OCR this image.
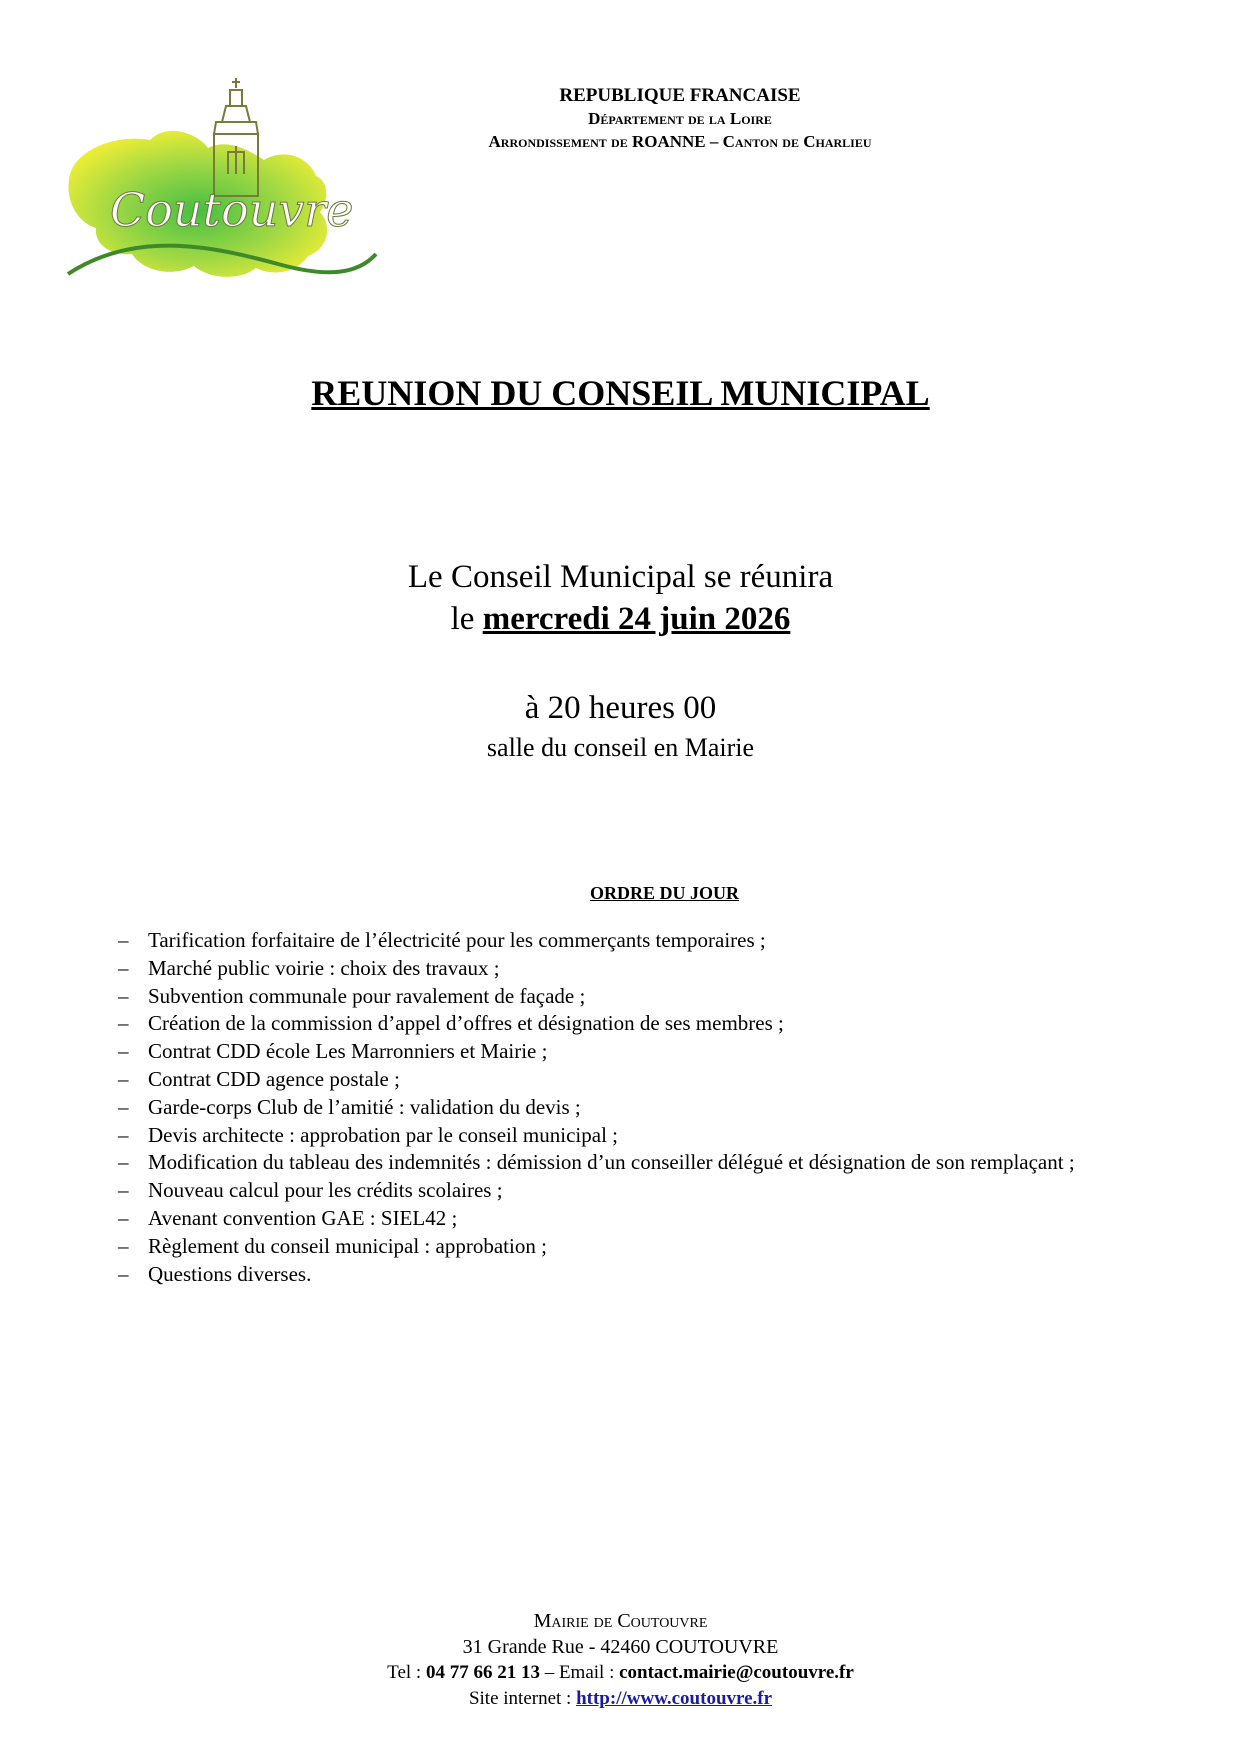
Coutouvre
REPUBLIQUE FRANCAISE
Département de la Loire
Arrondissement de ROANNE – Canton de Charlieu
REUNION DU CONSEIL MUNICIPAL
Le Conseil Municipal se réunira
le mercredi 24 juin 2026
à 20 heures 00
salle du conseil en Mairie
ORDRE DU JOUR
– Tarification forfaitaire de l’électricité pour les commerçants temporaires ;
– Marché public voirie : choix des travaux ;
– Subvention communale pour ravalement de façade ;
– Création de la commission d’appel d’offres et désignation de ses membres ;
– Contrat CDD école Les Marronniers et Mairie ;
– Contrat CDD agence postale ;
– Garde-corps Club de l’amitié : validation du devis ;
– Devis architecte : approbation par le conseil municipal ;
– Modification du tableau des indemnités : démission d’un conseiller délégué et désignation de son remplaçant ;
– Nouveau calcul pour les crédits scolaires ;
– Avenant convention GAE : SIEL42 ;
– Règlement du conseil municipal : approbation ;
– Questions diverses.
Mairie de Coutouvre
31 Grande Rue - 42460 COUTOUVRE
Tel : 04 77 66 21 13 – Email : contact.mairie@coutouvre.fr
Site internet : http://www.coutouvre.fr
